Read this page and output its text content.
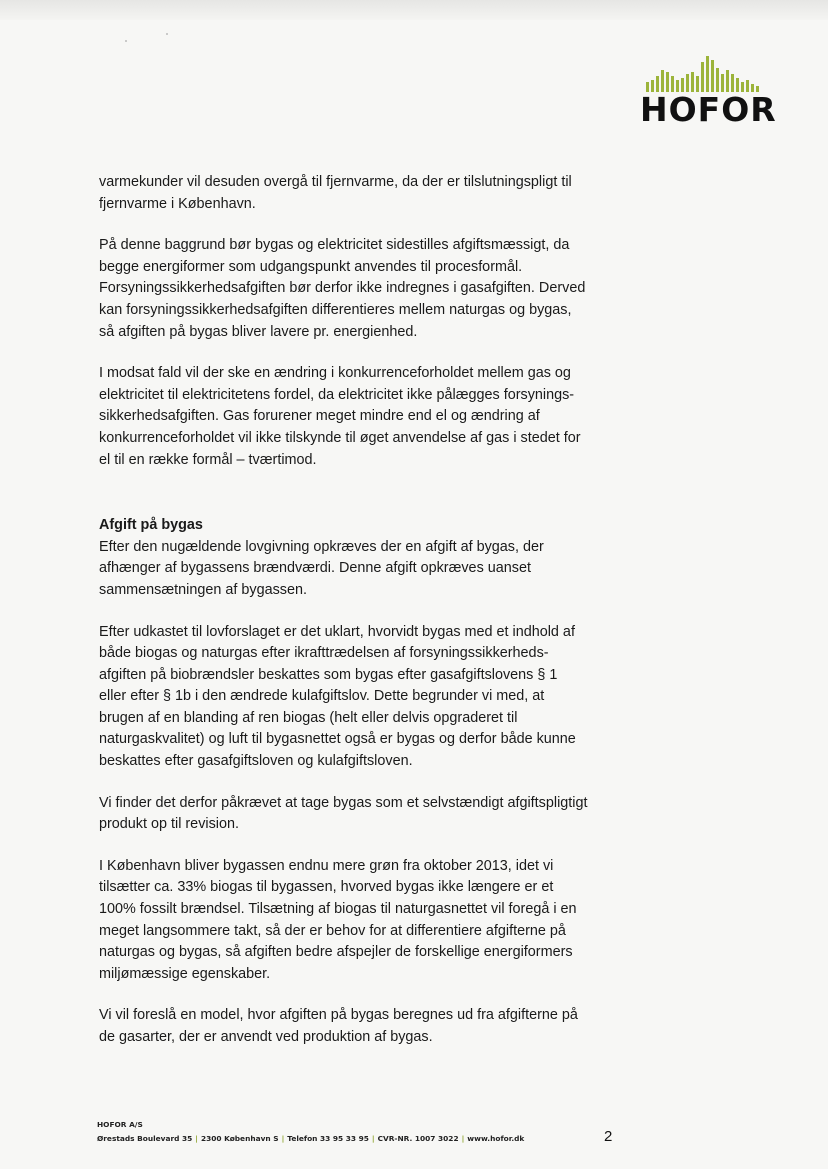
HOFOR

varmekunder vil desuden overgå til fjernvarme, da der er tilslutningspligt til
fjernvarme i København.

På denne baggrund bør bygas og elektricitet sidestilles afgiftsmæssigt, da
begge energiformer som udgangspunkt anvendes til procesformål.
Forsyningssikkerhedsafgiften bør derfor ikke indregnes i gasafgiften. Derved
kan forsyningssikkerhedsafgiften differentieres mellem naturgas og bygas,
så afgiften på bygas bliver lavere pr. energienhed.

I modsat fald vil der ske en ændring i konkurrenceforholdet mellem gas og
elektricitet til elektricitetens fordel, da elektricitet ikke pålægges forsynings-
sikkerhedsafgiften. Gas forurener meget mindre end el og ændring af
konkurrenceforholdet vil ikke tilskynde til øget anvendelse af gas i stedet for
el til en række formål – tværtimod.

Afgift på bygas

Efter den nugældende lovgivning opkræves der en afgift af bygas, der
afhænger af bygassens brændværdi. Denne afgift opkræves uanset
sammensætningen af bygassen.

Efter udkastet til lovforslaget er det uklart, hvorvidt bygas med et indhold af
både biogas og naturgas efter ikrafttrædelsen af forsyningssikkerheds-
afgiften på biobrændsler beskattes som bygas efter gasafgiftslovens § 1
eller efter § 1b i den ændrede kulafgiftslov. Dette begrunder vi med, at
brugen af en blanding af ren biogas (helt eller delvis opgraderet til
naturgaskvalitet) og luft til bygasnettet også er bygas og derfor både kunne
beskattes efter gasafgiftsloven og kulafgiftsloven.

Vi finder det derfor påkrævet at tage bygas som et selvstændigt afgiftspligtigt
produkt op til revision.

I København bliver bygassen endnu mere grøn fra oktober 2013, idet vi
tilsætter ca. 33% biogas til bygassen, hvorved bygas ikke længere er et
100% fossilt brændsel. Tilsætning af biogas til naturgasnettet vil foregå i en
meget langsommere takt, så der er behov for at differentiere afgifterne på
naturgas og bygas, så afgiften bedre afspejler de forskellige energiformers
miljømæssige egenskaber.

Vi vil foreslå en model, hvor afgiften på bygas beregnes ud fra afgifterne på
de gasarter, der er anvendt ved produktion af bygas.

HOFOR A/S
Ørestads Boulevard 35 | 2300 København S | Telefon 33 95 33 95 | CVR-NR. 1007 3022 | www.hofor.dk	2
